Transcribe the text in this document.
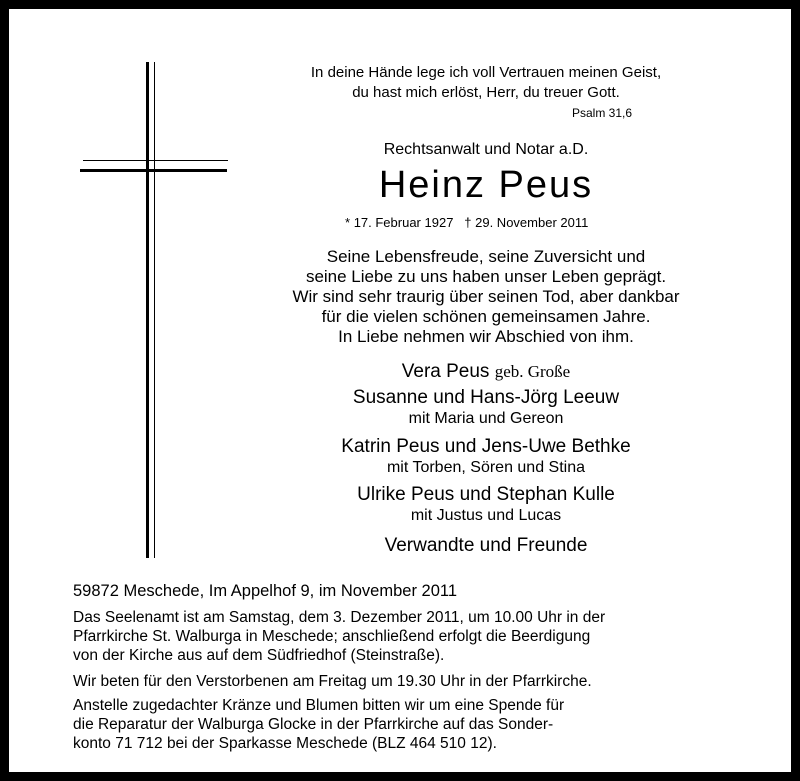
In deine Hände lege ich voll Vertrauen meinen Geist,
du hast mich erlöst, Herr, du treuer Gott.
Psalm 31,6
Rechtsanwalt und Notar a.D.
Heinz Peus
* 17. Februar 1927 † 29. November 2011
Seine Lebensfreude, seine Zuversicht und
seine Liebe zu uns haben unser Leben geprägt.
Wir sind sehr traurig über seinen Tod, aber dankbar
für die vielen schönen gemeinsamen Jahre.
In Liebe nehmen wir Abschied von ihm.
Vera Peus geb. Große
Susanne und Hans-Jörg Leeuw
mit Maria und Gereon
Katrin Peus und Jens-Uwe Bethke
mit Torben, Sören und Stina
Ulrike Peus und Stephan Kulle
mit Justus und Lucas
Verwandte und Freunde
59872 Meschede, Im Appelhof 9, im November 2011
Das Seelenamt ist am Samstag, dem 3. Dezember 2011, um 10.00 Uhr in der
Pfarrkirche St. Walburga in Meschede; anschließend erfolgt die Beerdigung
von der Kirche aus auf dem Südfriedhof (Steinstraße).
Wir beten für den Verstorbenen am Freitag um 19.30 Uhr in der Pfarrkirche.
Anstelle zugedachter Kränze und Blumen bitten wir um eine Spende für
die Reparatur der Walburga Glocke in der Pfarrkirche auf das Sonder-
konto 71 712 bei der Sparkasse Meschede (BLZ 464 510 12).
